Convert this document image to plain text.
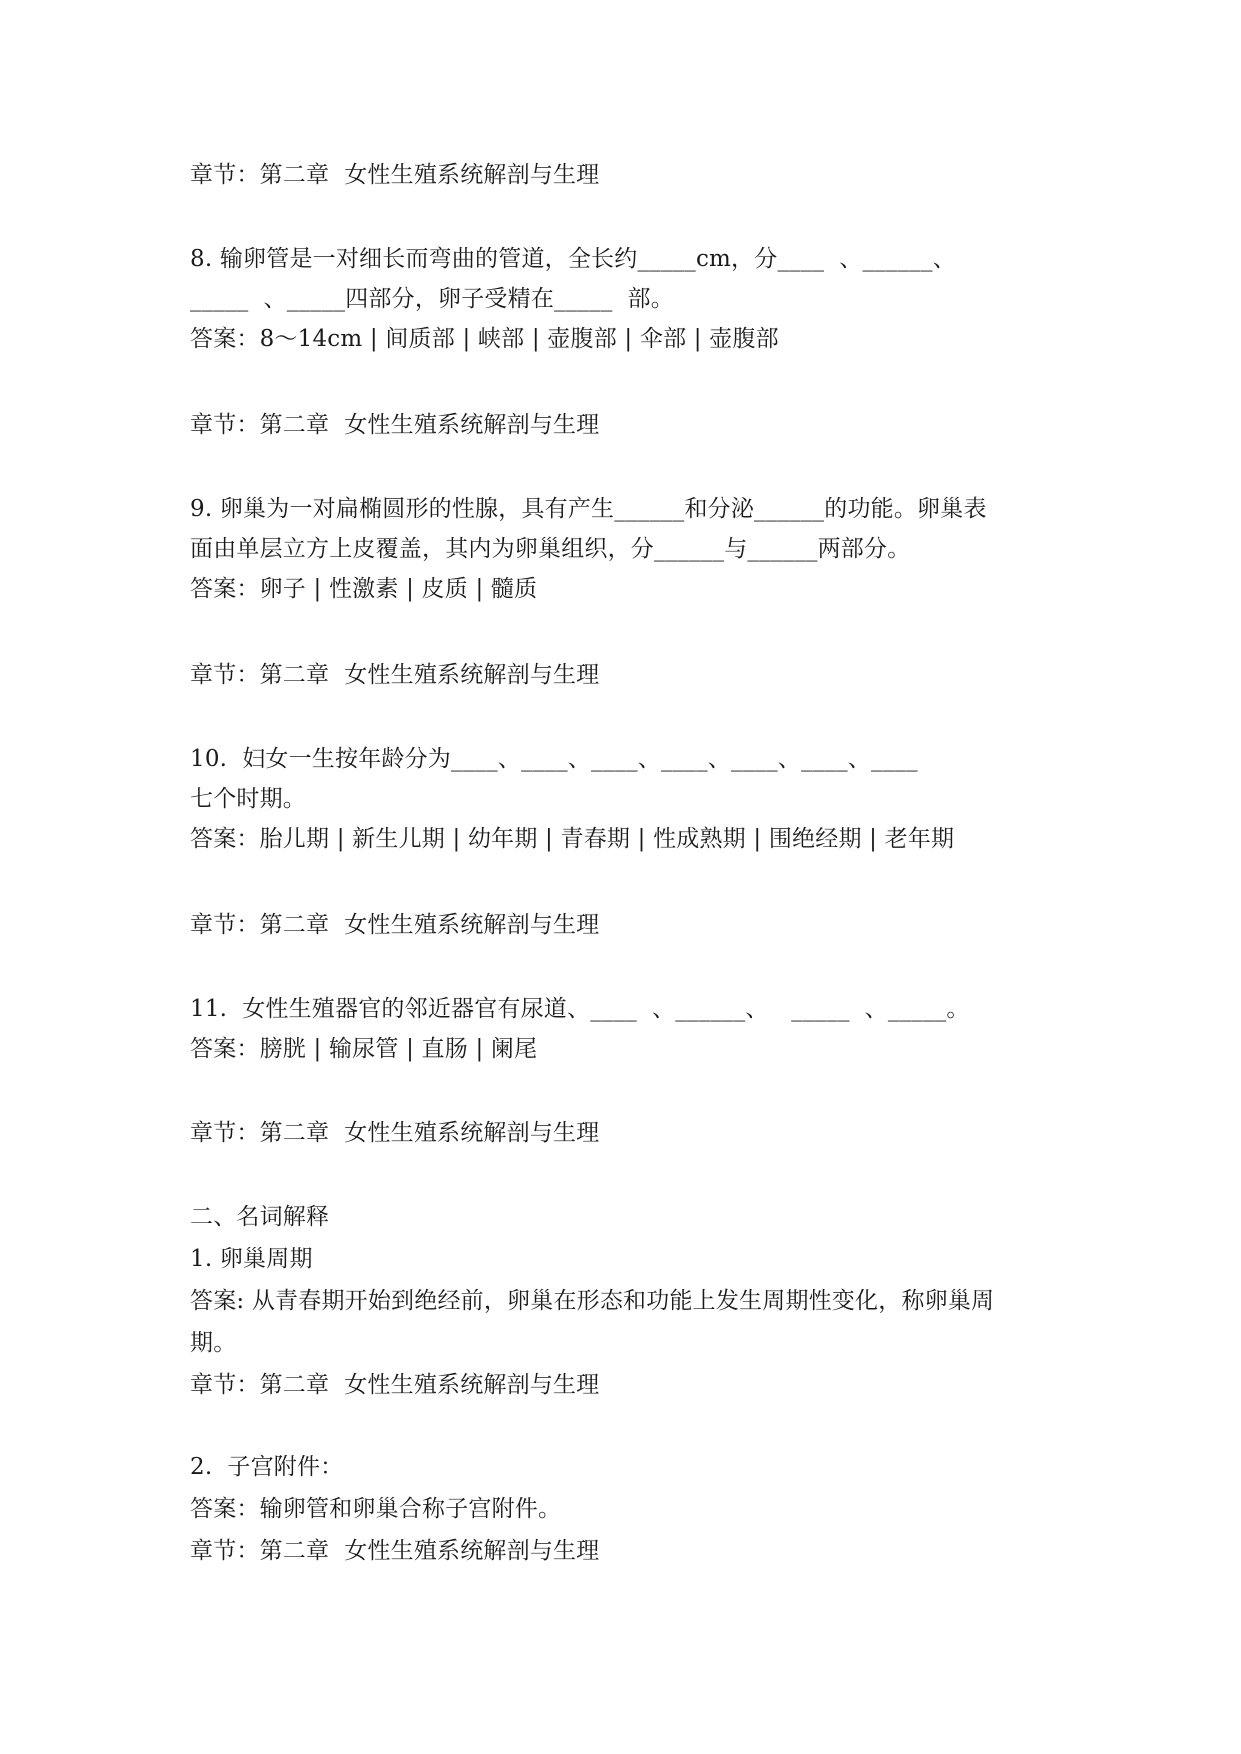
章节：第二章  女性生殖系统解剖与生理
8. 输卵管是一对细长而弯曲的管道，全长约_____cm，分____  、______、
_____  、_____四部分，卵子受精在_____  部。
答案：8～14cm | 间质部 | 峡部 | 壶腹部 | 伞部 | 壶腹部
章节：第二章  女性生殖系统解剖与生理
9. 卵巢为一对扁椭圆形的性腺，具有产生______和分泌______的功能。卵巢表
面由单层立方上皮覆盖，其内为卵巢组织，分______与______两部分。
答案：卵子 | 性激素 | 皮质 | 髓质
章节：第二章  女性生殖系统解剖与生理
10.  妇女一生按年龄分为____、____、____、____、____、____、____
七个时期。
答案：胎儿期 | 新生儿期 | 幼年期 | 青春期 | 性成熟期 | 围绝经期 | 老年期
章节：第二章  女性生殖系统解剖与生理
11.  女性生殖器官的邻近器官有尿道、____  、______、   _____  、_____。
答案：膀胱 | 输尿管 | 直肠 | 阑尾
章节：第二章  女性生殖系统解剖与生理
二、名词解释
1. 卵巢周期
答案: 从青春期开始到绝经前，卵巢在形态和功能上发生周期性变化，称卵巢周
期。
章节：第二章  女性生殖系统解剖与生理
2.  子宫附件：
答案：输卵管和卵巢合称子宫附件。
章节：第二章  女性生殖系统解剖与生理
